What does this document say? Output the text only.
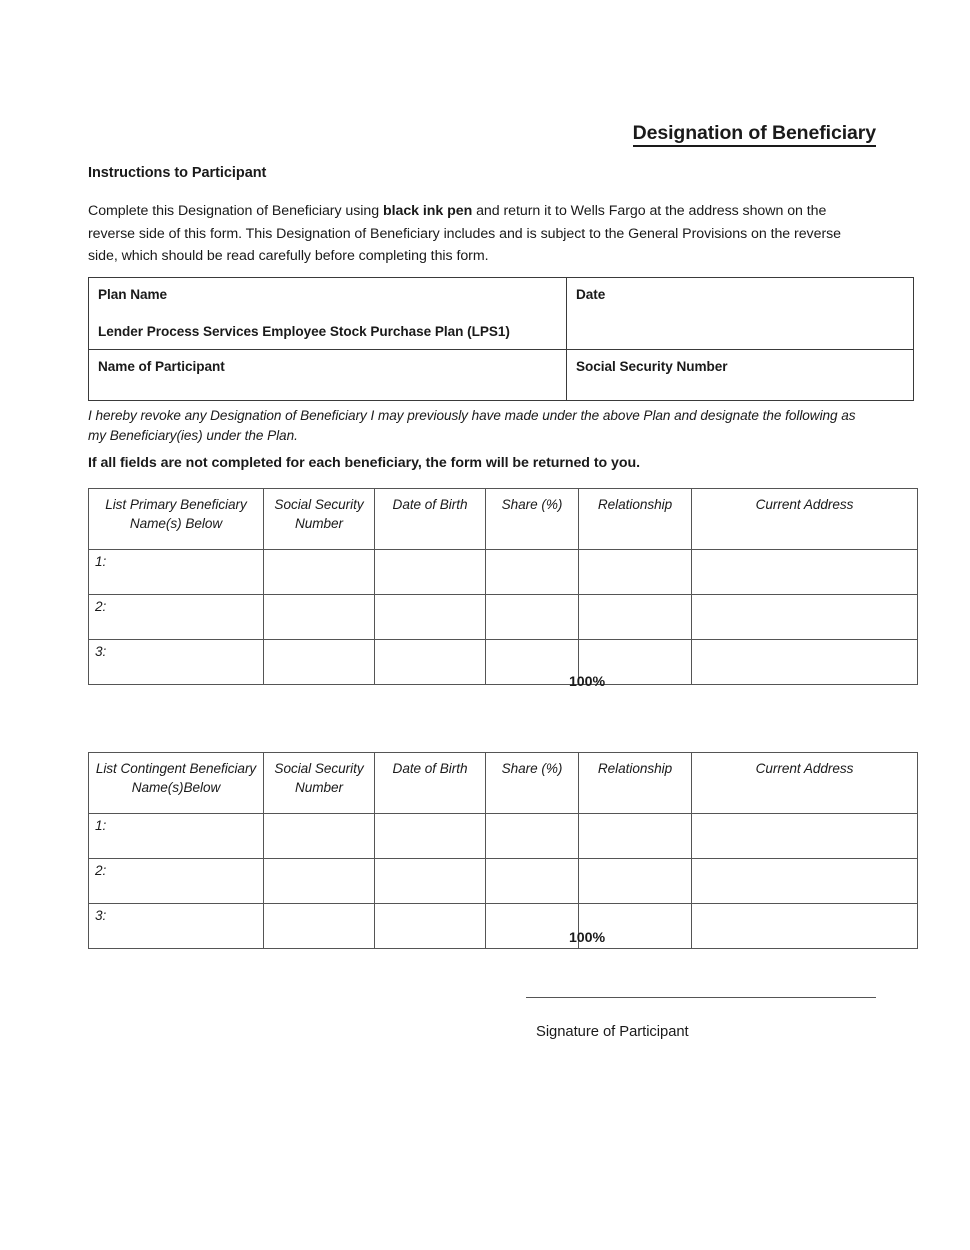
Designation of Beneficiary
Instructions to Participant
Complete this Designation of Beneficiary using black ink pen and return it to Wells Fargo at the address shown on the reverse side of this form. This Designation of Beneficiary includes and is subject to the General Provisions on the reverse side, which should be read carefully before completing this form.
Plan Name
Lender Process Services Employee Stock Purchase Plan (LPS1)	Date
Name of Participant	Social Security Number
I hereby revoke any Designation of Beneficiary I may previously have made under the above Plan and designate the following as my Beneficiary(ies) under the Plan.
If all fields are not completed for each beneficiary, the form will be returned to you.
List Primary Beneficiary Name(s) Below	Social Security Number	Date of Birth	Share (%)	Relationship	Current Address
1:					
2:					
3:					
100%
List Contingent Beneficiary Name(s)Below	Social Security Number	Date of Birth	Share (%)	Relationship	Current Address
1:					
2:					
3:					
100%
Signature of Participant
